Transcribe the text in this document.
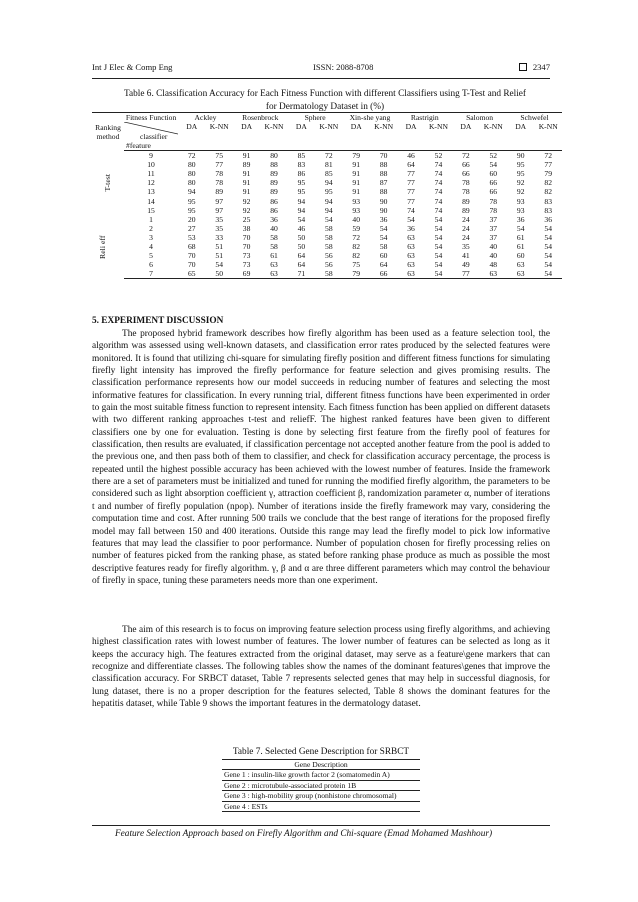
Int J Elec & Comp Eng	ISSN: 2088-8708	2347
Table 6. Classification Accuracy for Each Fitness Function with different Classifiers using T-Test and Relief
for Dermatology Dataset in (%)
Ranking method	Fitness Function	Ackley		Rosenbrock		Sphere		Xin-she yang		Rastrigin		Salomon		Schwefel	

	classifier
#feature	DA	K-NN	DA	K-NN	DA	K-NN	DA	K-NN	DA	K-NN	DA	K-NN	DA	K-NN

T-test	9	72	75	91	80	85	72	79	70	46	52	72	52	90	72
	10	80	77	89	88	83	81	91	88	64	74	66	54	95	77
	11	80	78	91	89	86	85	91	88	77	74	66	60	95	79
	12	80	78	91	89	95	94	91	87	77	74	78	66	92	82
	13	94	89	91	89	95	95	91	88	77	74	78	66	92	82
	14	95	97	92	86	94	94	93	90	77	74	89	78	93	83
	15	95	97	92	86	94	94	93	90	74	74	89	78	93	83

Reli eff	1	20	35	25	36	54	54	40	36	54	54	24	37	36	36
	2	27	35	38	40	46	58	59	54	36	54	24	37	54	54
	3	53	33	70	58	50	58	72	54	63	54	24	37	61	54
	4	68	51	70	58	50	58	82	58	63	54	35	40	61	54
	5	70	51	73	61	64	56	82	60	63	54	41	40	60	54
	6	70	54	73	63	64	56	75	64	63	54	49	48	63	54
	7	65	50	69	63	71	58	79	66	63	54	77	63	63	54
5. EXPERIMENT DISCUSSION

The proposed hybrid framework describes how firefly algorithm has been used as a feature selection tool, the algorithm was assessed using well-known datasets, and classification error rates produced by the selected features were monitored. It is found that utilizing chi-square for simulating firefly position and different fitness functions for simulating firefly light intensity has improved the firefly performance for feature selection and gives promising results. The classification performance represents how our model succeeds in reducing number of features and selecting the most informative features for classification. In every running trial, different fitness functions have been experimented in order to gain the most suitable fitness function to represent intensity. Each fitness function has been applied on different datasets with two different ranking approaches t-test and reliefF. The highest ranked features have been given to different classifiers one by one for evaluation. Testing is done by selecting first feature from the firefly pool of features for classification, then results are evaluated, if classification percentage not accepted another feature from the pool is added to the previous one, and then pass both of them to classifier, and check for classification accuracy percentage, the process is repeated until the highest possible accuracy has been achieved with the lowest number of features. Inside the framework there are a set of parameters must be initialized and tuned for running the modified firefly algorithm, the parameters to be considered such as light absorption coefficient γ, attraction coefficient β, randomization parameter α, number of iterations t and number of firefly population (npop). Number of iterations inside the firefly framework may vary, considering the computation time and cost. After running 500 trails we conclude that the best range of iterations for the proposed firefly model may fall between 150 and 400 iterations. Outside this range may lead the firefly model to pick low informative features that may lead the classifier to poor performance. Number of population chosen for firefly processing relies on number of features picked from the ranking phase, as stated before ranking phase produce as much as possible the most descriptive features ready for firefly algorithm. γ, β and α are three different parameters which may control the behaviour of firefly in space, tuning these parameters needs more than one experiment.

The aim of this research is to focus on improving feature selection process using firefly algorithms, and achieving highest classification rates with lowest number of features. The lower number of features can be selected as long as it keeps the accuracy high. The features extracted from the original dataset, may serve as a feature\gene markers that can recognize and differentiate classes. The following tables show the names of the dominant features\genes that improve the classification accuracy. For SRBCT dataset, Table 7 represents selected genes that may help in successful diagnosis, for lung dataset, there is no a proper description for the features selected, Table 8 shows the dominant features for the hepatitis dataset, while Table 9 shows the important features in the dermatology dataset.

Table 7. Selected Gene Description for SRBCT
Gene Description
Gene 1 : insulin-like growth factor 2 (somatomedin A)
Gene 2 : microtubule-associated protein 1B
Gene 3 : high-mobility group (nonhistone chromosomal)
Gene 4 : ESTs
Feature Selection Approach based on Firefly Algorithm and Chi-square (Emad Mohamed Mashhour)
